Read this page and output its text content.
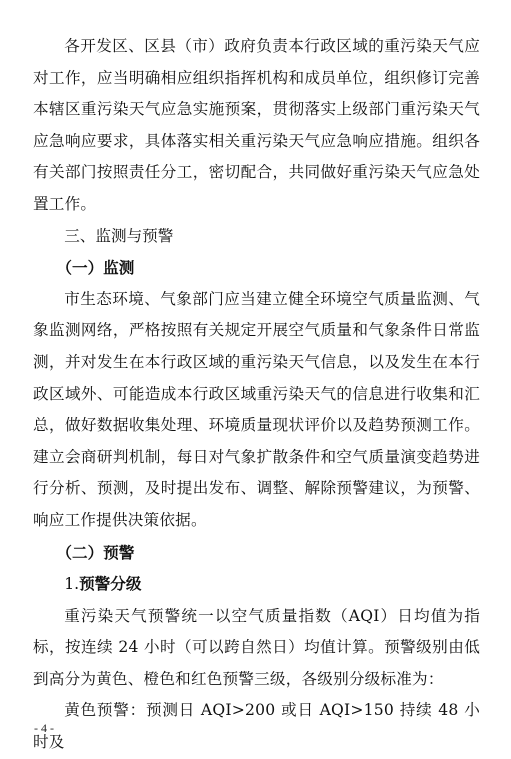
各开发区、区县（市）政府负责本行政区域的重污染天气应对工作，应当明确相应组织指挥机构和成员单位，组织修订完善本辖区重污染天气应急实施预案，贯彻落实上级部门重污染天气应急响应要求，具体落实相关重污染天气应急响应措施。组织各有关部门按照责任分工，密切配合，共同做好重污染天气应急处置工作。

三、监测与预警

（一）监测

市生态环境、气象部门应当建立健全环境空气质量监测、气象监测网络，严格按照有关规定开展空气质量和气象条件日常监测，并对发生在本行政区域的重污染天气信息，以及发生在本行政区域外、可能造成本行政区域重污染天气的信息进行收集和汇总，做好数据收集处理、环境质量现状评价以及趋势预测工作。建立会商研判机制，每日对气象扩散条件和空气质量演变趋势进行分析、预测，及时提出发布、调整、解除预警建议，为预警、响应工作提供决策依据。

（二）预警

1.预警分级

重污染天气预警统一以空气质量指数（AQI）日均值为指标，按连续 24 小时（可以跨自然日）均值计算。预警级别由低到高分为黄色、橙色和红色预警三级，各级别分级标准为：

黄色预警：预测日 AQI>200 或日 AQI>150 持续 48 小时及

- 4 -
